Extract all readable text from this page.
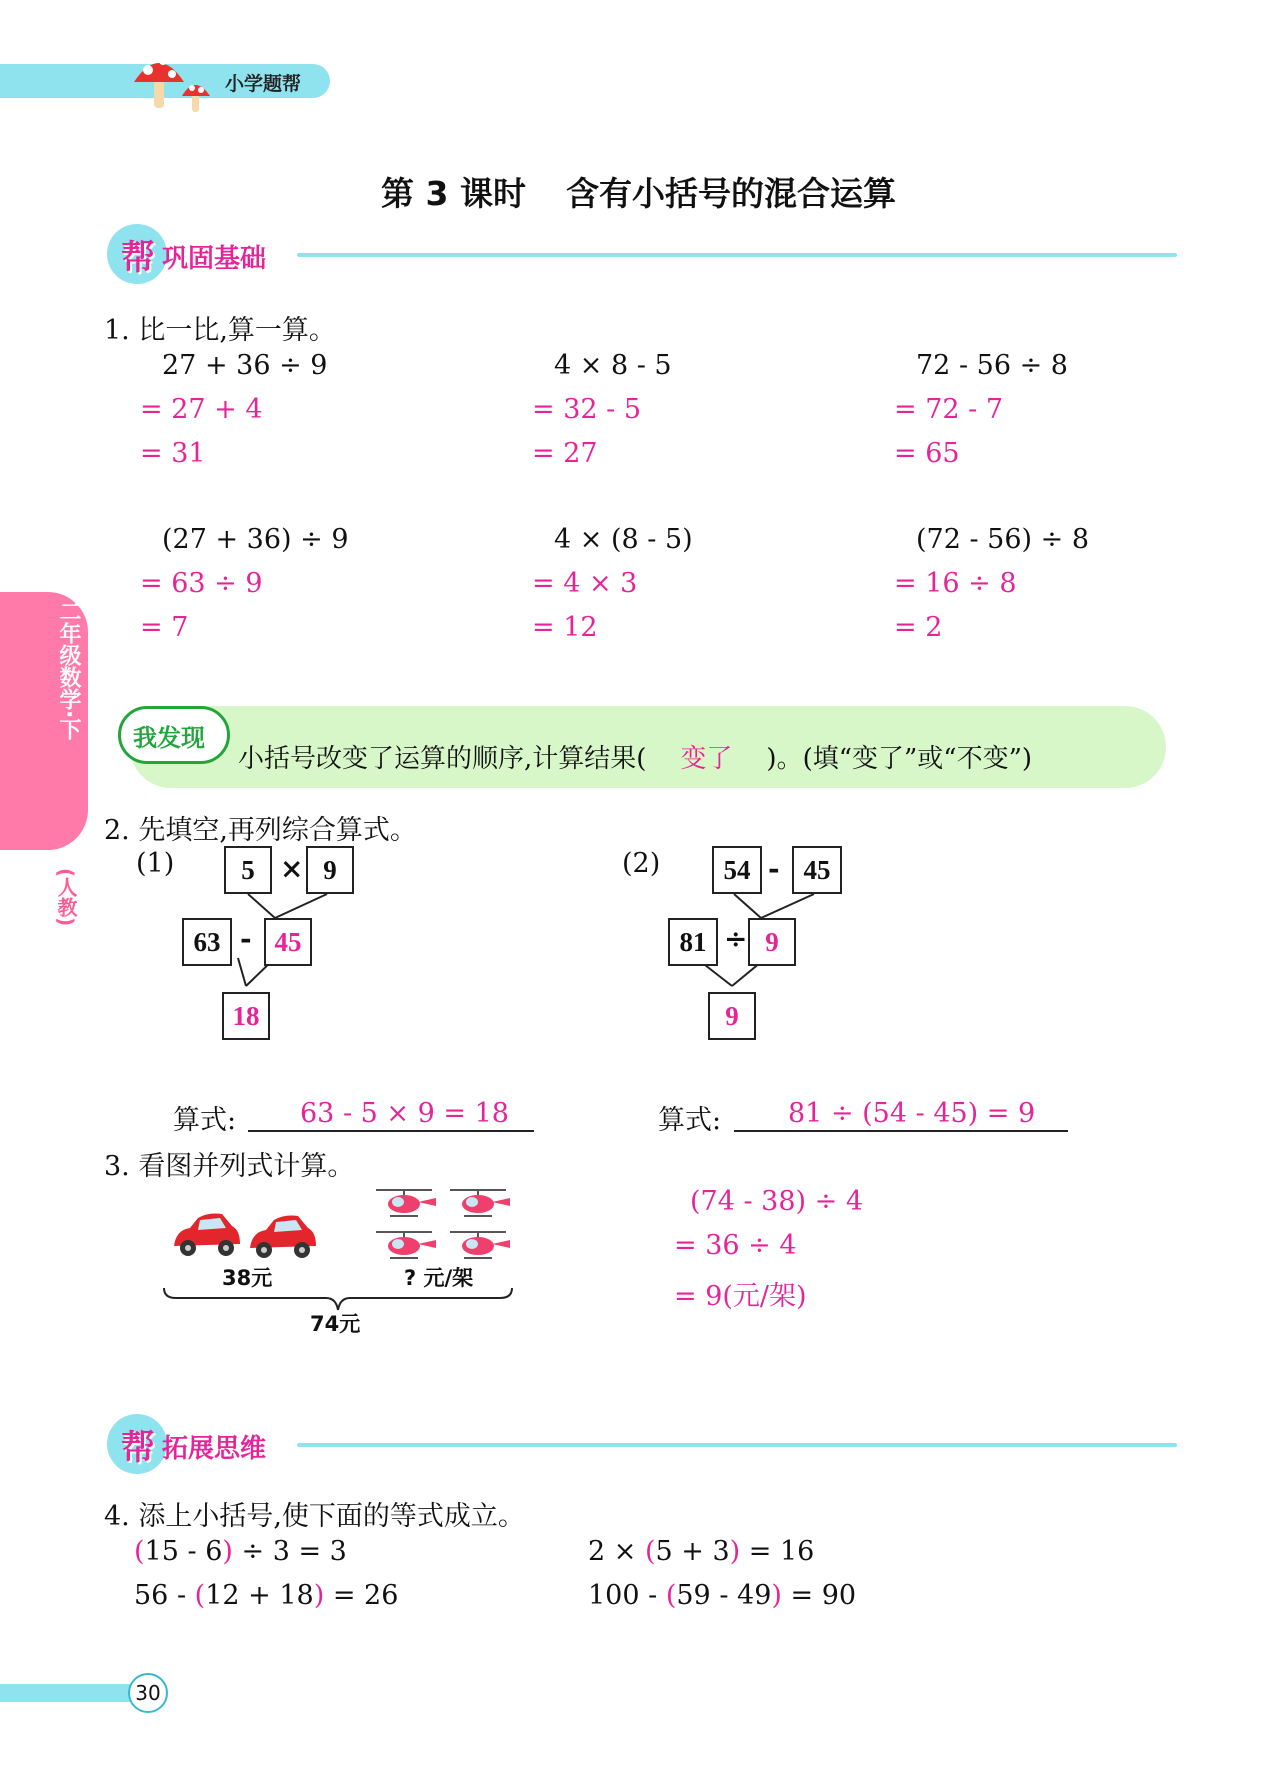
小学题帮
第 3 课时 含有小括号的混合运算
帮 巩固基础
二年级数学·下
(人教)
1. 比一比,算一算。
27 + 36 ÷ 9
= 27 + 4
= 31
4 × 8 - 5
= 32 - 5
= 27
72 - 56 ÷ 8
= 72 - 7
= 65
(27 + 36) ÷ 9
= 63 ÷ 9
= 7
4 × (8 - 5)
= 4 × 3
= 12
(72 - 56) ÷ 8
= 16 ÷ 8
= 2
我发现
小括号改变了运算的顺序,计算结果( 变了 )。(填“变了”或“不变”)
2. 先填空,再列综合算式。
(1)	5 × 9
63 - 45
18
算式: 63 - 5 × 9 = 18
(2)	54 - 45
81 ÷ 9
9
算式: 81 ÷ (54 - 45) = 9
3. 看图并列式计算。
38元	? 元/架
74元
(74 - 38) ÷ 4
= 36 ÷ 4
= 9(元/架)
帮 拓展思维
4. 添上小括号,使下面的等式成立。
(15 - 6) ÷ 3 = 3	2 × (5 + 3) = 16
56 - (12 + 18) = 26	100 - (59 - 49) = 90
30
